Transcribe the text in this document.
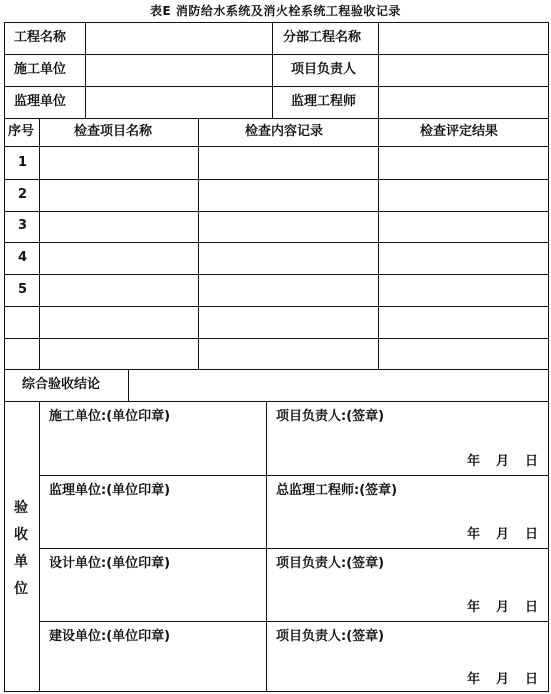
表E 消防给水系统及消火栓系统工程验收记录
工程名称	分部工程名称
施工单位	项目负责人
监理单位	监理工程师
序号	检查项目名称	检查内容记录	检查评定结果
1
2
3
4
5
综合验收结论
验
收
单
位
施工单位:(单位印章)	项目负责人:(签章)
年 月 日
监理单位:(单位印章)	总监理工程师:(签章)
年 月 日
设计单位:(单位印章)	项目负责人:(签章)
年 月 日
建设单位:(单位印章)	项目负责人:(签章)
年 月 日
